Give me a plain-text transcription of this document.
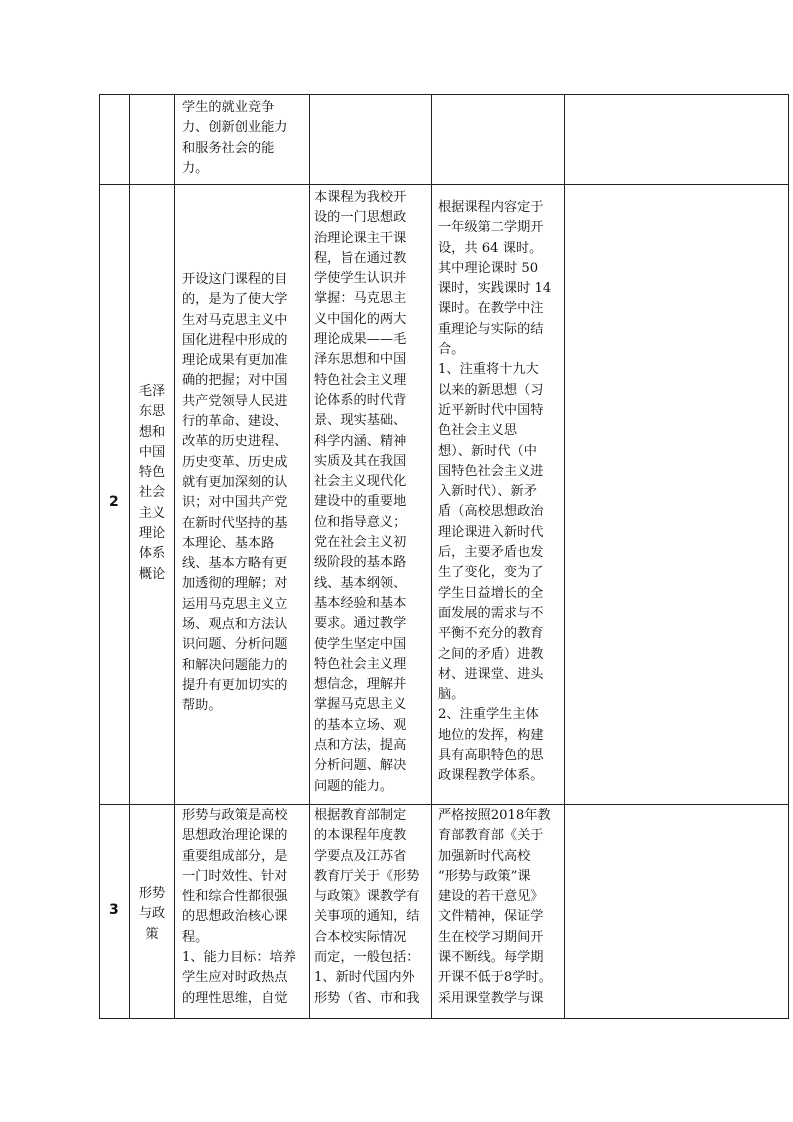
学生的就业竞争
力、创新创业能力
和服务社会的能
力。
2
毛泽
东思
想和
中国
特色
社会
主义
理论
体系
概论
开设这门课程的目
的，是为了使大学
生对马克思主义中
国化进程中形成的
理论成果有更加准
确的把握；对中国
共产党领导人民进
行的革命、建设、
改革的历史进程、
历史变革、历史成
就有更加深刻的认
识；对中国共产党
在新时代坚持的基
本理论、基本路
线、基本方略有更
加透彻的理解；对
运用马克思主义立
场、观点和方法认
识问题、分析问题
和解决问题能力的
提升有更加切实的
帮助。
本课程为我校开
设的一门思想政
治理论课主干课
程，旨在通过教
学使学生认识并
掌握：马克思主
义中国化的两大
理论成果——毛
泽东思想和中国
特色社会主义理
论体系的时代背
景、现实基础、
科学内涵、精神
实质及其在我国
社会主义现代化
建设中的重要地
位和指导意义；
党在社会主义初
级阶段的基本路
线、基本纲领、
基本经验和基本
要求。通过教学
使学生坚定中国
特色社会主义理
想信念，理解并
掌握马克思主义
的基本立场、观
点和方法，提高
分析问题、解决
问题的能力。
根据课程内容定于
一年级第二学期开
设，共 64 课时。
其中理论课时 50
课时，实践课时 14
课时。在教学中注
重理论与实际的结
合。
1、注重将十九大
以来的新思想（习
近平新时代中国特
色社会主义思
想）、新时代（中
国特色社会主义进
入新时代）、新矛
盾（高校思想政治
理论课进入新时代
后，主要矛盾也发
生了变化，变为了
学生日益增长的全
面发展的需求与不
平衡不充分的教育
之间的矛盾）进教
材、进课堂、进头
脑。
2、注重学生主体
地位的发挥，构建
具有高职特色的思
政课程教学体系。
3
形势
与政
策
形势与政策是高校
思想政治理论课的
重要组成部分，是
一门时效性、针对
性和综合性都很强
的思想政治核心课
程。
1、能力目标：培养
学生应对时政热点
的理性思维，自觉
根据教育部制定
的本课程年度教
学要点及江苏省
教育厅关于《形势
与政策》课教学有
关事项的通知，结
合本校实际情况
而定，一般包括：
1、新时代国内外
形势（省、市和我
严格按照2018年教
育部教育部《关于
加强新时代高校
“形势与政策”课
建设的若干意见》
文件精神，保证学
生在校学习期间开
课不断线。每学期
开课不低于8学时。
采用课堂教学与课
